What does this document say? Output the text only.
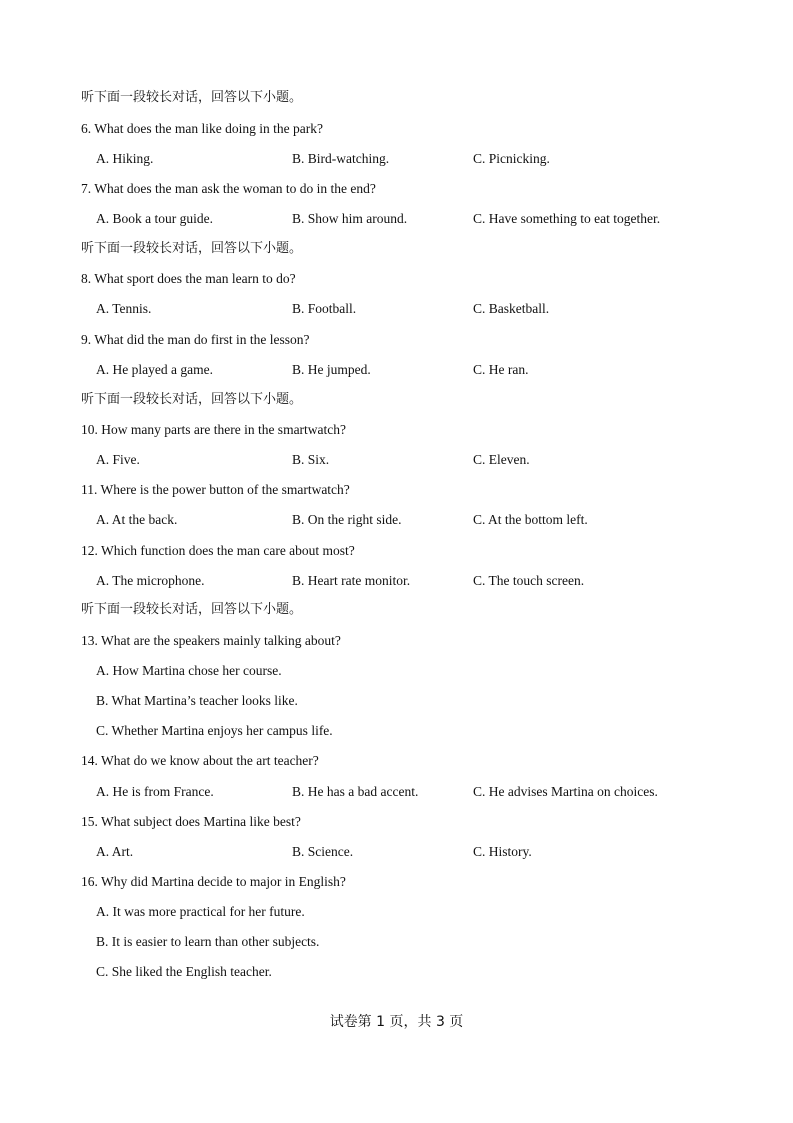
听下面一段较长对话，回答以下小题。
6. What does the man like doing in the park?
A. Hiking.	B. Bird-watching.	C. Picnicking.
7. What does the man ask the woman to do in the end?
A. Book a tour guide.	B. Show him around.	C. Have something to eat together.
听下面一段较长对话，回答以下小题。
8. What sport does the man learn to do?
A. Tennis.	B. Football.	C. Basketball.
9. What did the man do first in the lesson?
A. He played a game.	B. He jumped.	C. He ran.
听下面一段较长对话，回答以下小题。
10. How many parts are there in the smartwatch?
A. Five.	B. Six.	C. Eleven.
11. Where is the power button of the smartwatch?
A. At the back.	B. On the right side.	C. At the bottom left.
12. Which function does the man care about most?
A. The microphone.	B. Heart rate monitor.	C. The touch screen.
听下面一段较长对话，回答以下小题。
13. What are the speakers mainly talking about?
A. How Martina chose her course.
B. What Martina’s teacher looks like.
C. Whether Martina enjoys her campus life.
14. What do we know about the art teacher?
A. He is from France.	B. He has a bad accent.	C. He advises Martina on choices.
15. What subject does Martina like best?
A. Art.	B. Science.	C. History.
16. Why did Martina decide to major in English?
A. It was more practical for her future.
B. It is easier to learn than other subjects.
C. She liked the English teacher.
试卷第 1 页，共 3 页
